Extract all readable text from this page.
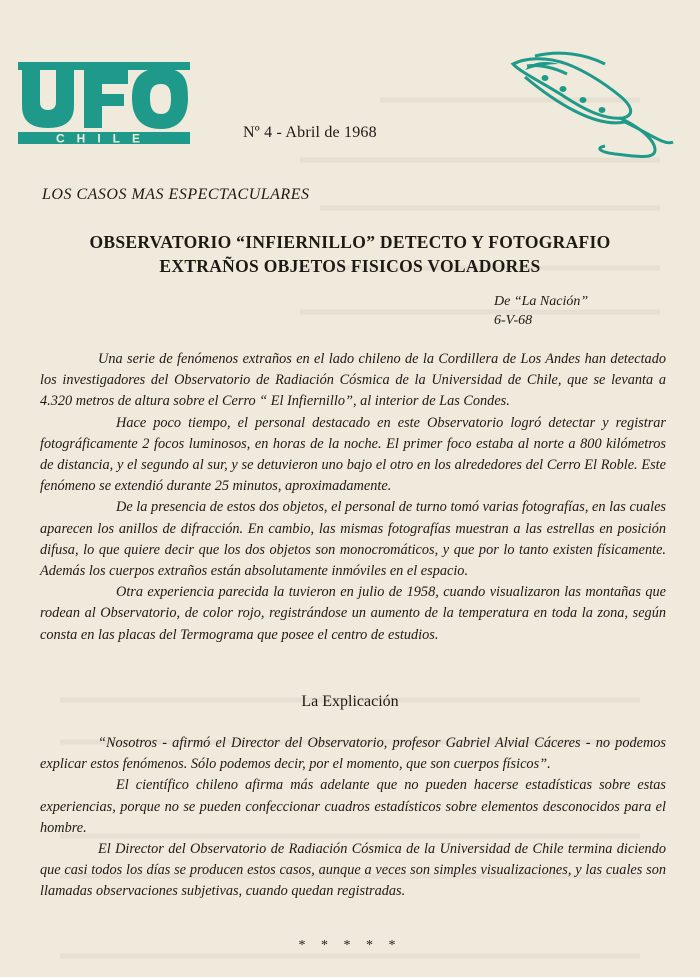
CHILE	Nº 4 - Abril de 1968
LOS CASOS MAS ESPECTACULARES
OBSERVATORIO “INFIERNILLO” DETECTO Y FOTOGRAFIO
EXTRAÑOS OBJETOS FISICOS VOLADORES
De “La Nación”
6-V-68

Una serie de fenómenos extraños en el lado chileno de la Cordillera de Los Andes han detectado los investigadores del Observatorio de Radiación Cósmica de la Universidad de Chile, que se levanta a 4.320 metros de altura sobre el Cerro “ El Infiernillo”, al interior de Las Condes.

Hace poco tiempo, el personal destacado en este Observatorio logró detectar y registrar fotográficamente 2 focos luminosos, en horas de la noche. El primer foco estaba al norte a 800 kilómetros de distancia, y el segundo al sur, y se detuvieron uno bajo el otro en los alrededores del Cerro El Roble. Este fenómeno se extendió durante 25 minutos, aproximadamente.

De la presencia de estos dos objetos, el personal de turno tomó varias fotografías, en las cuales aparecen los anillos de difracción. En cambio, las mismas fotografías muestran a las estrellas en posición difusa, lo que quiere decir que los dos objetos son monocromáticos, y que por lo tanto existen físicamente. Además los cuerpos extraños están absolutamente inmóviles en el espacio.

Otra experiencia parecida la tuvieron en julio de 1958, cuando visualizaron las montañas que rodean al Observatorio, de color rojo, registrándose un aumento de la temperatura en toda la zona, según consta en las placas del Termograma que posee el centro de estudios.

La Explicación

“Nosotros - afirmó el Director del Observatorio, profesor Gabriel Alvial Cáceres - no podemos explicar estos fenómenos. Sólo podemos decir, por el momento, que son cuerpos físicos”.

El científico chileno afirma más adelante que no pueden hacerse estadísticas sobre estas experiencias, porque no se pueden confeccionar cuadros estadísticos sobre elementos desconocidos para el hombre.

El Director del Observatorio de Radiación Cósmica de la Universidad de Chile termina diciendo que casi todos los días se producen estos casos, aunque a veces son simples visualizaciones, y las cuales son llamadas observaciones subjetivas, cuando quedan registradas.

* * * * *
